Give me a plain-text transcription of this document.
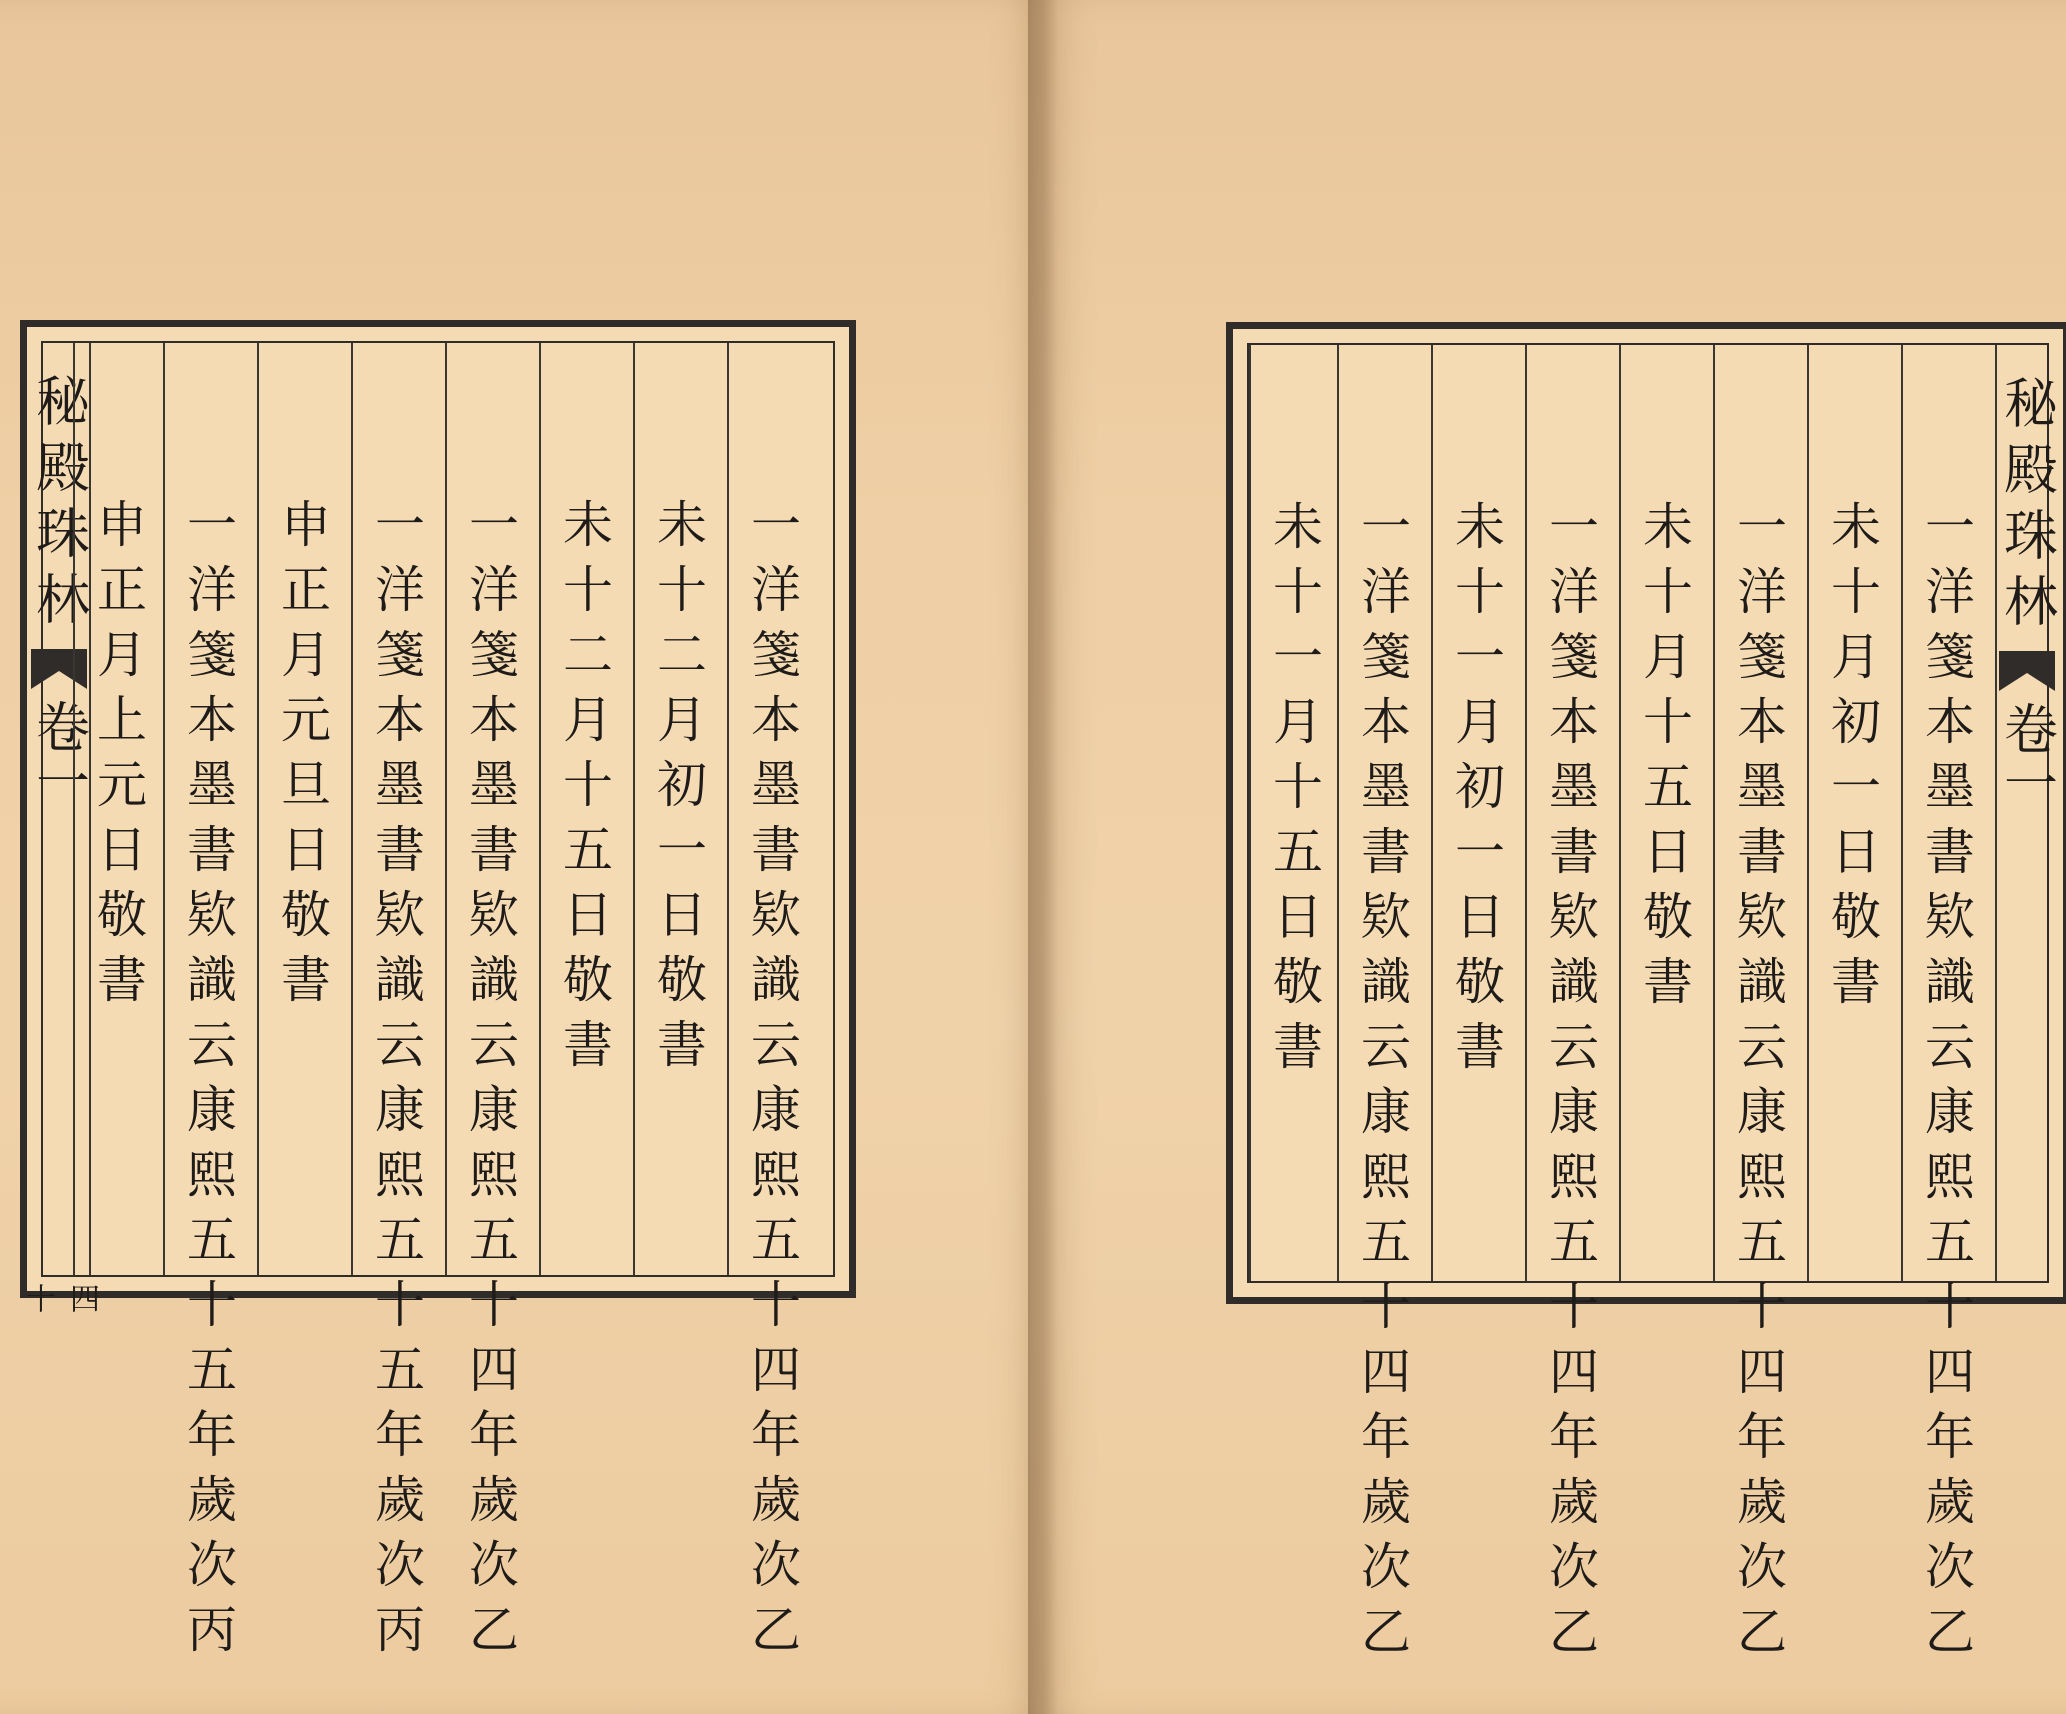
秘殿珠林
卷一
四十
一
洋
箋
本
墨
書
欵
識
云
康
熙
五
十
四
年
歲
次
乙
未
十
二
月
初
一
日
敬
書
未
十
二
月
十
五
日
敬
書
一
洋
箋
本
墨
書
欵
識
云
康
熙
五
十
四
年
歲
次
乙
一
洋
箋
本
墨
書
欵
識
云
康
熙
五
十
五
年
歲
次
丙
申
正
月
元
旦
日
敬
書
一
洋
箋
本
墨
書
欵
識
云
康
熙
五
十
五
年
歲
次
丙
申
正
月
上
元
日
敬
書
秘殿珠林
卷一
一
洋
箋
本
墨
書
欵
識
云
康
熙
五
十
四
年
歲
次
乙
未
十
月
初
一
日
敬
書
一
洋
箋
本
墨
書
欵
識
云
康
熙
五
十
四
年
歲
次
乙
未
十
月
十
五
日
敬
書
一
洋
箋
本
墨
書
欵
識
云
康
熙
五
十
四
年
歲
次
乙
未
十
一
月
初
一
日
敬
書
一
洋
箋
本
墨
書
欵
識
云
康
熙
五
十
四
年
歲
次
乙
未
十
一
月
十
五
日
敬
書
